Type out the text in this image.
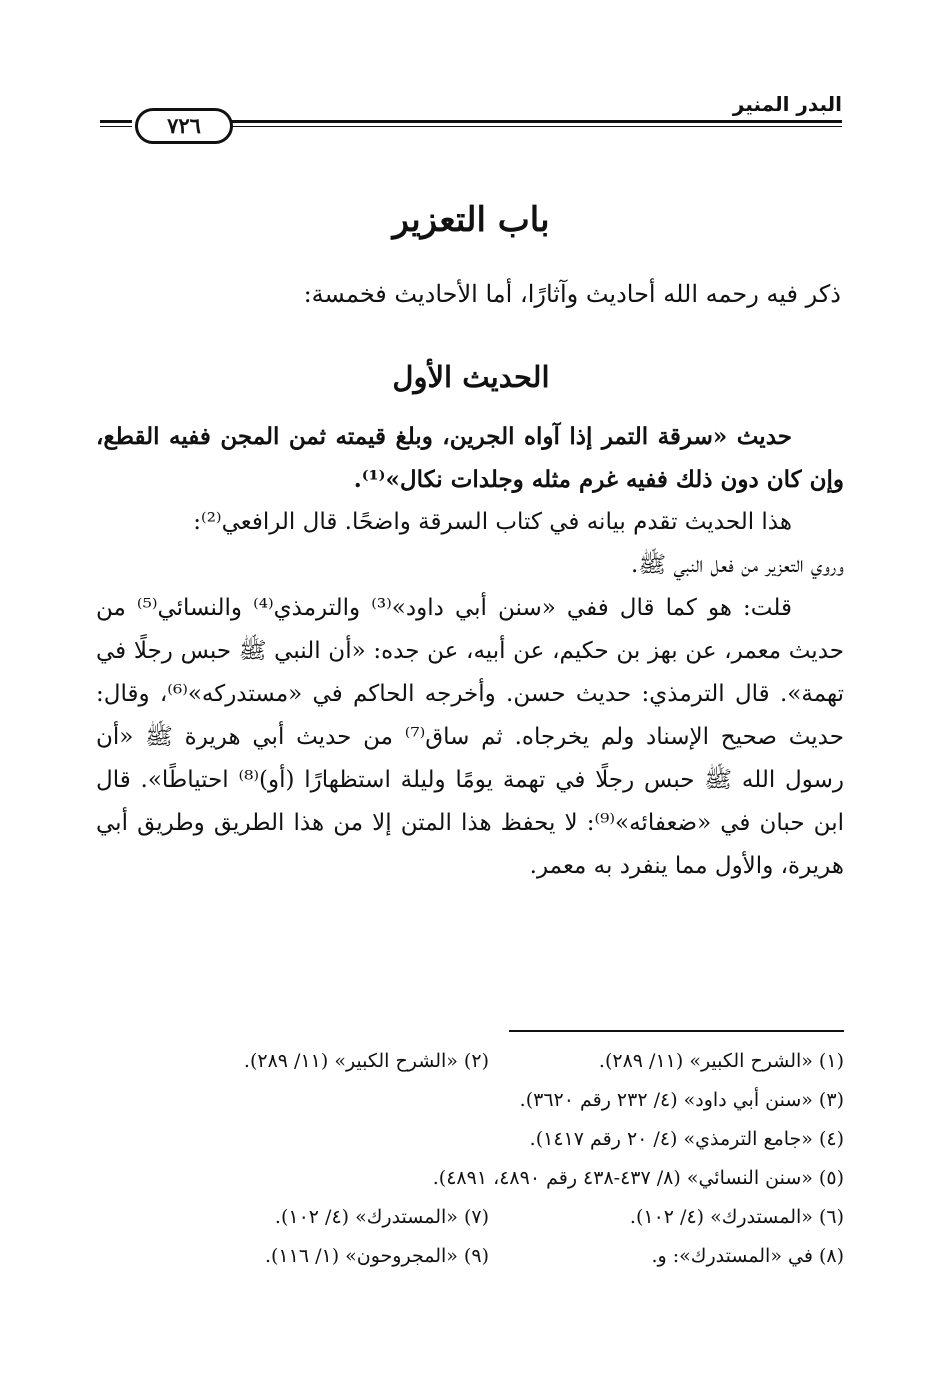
البدر المنير
٧٢٦
باب التعزير
ذكر فيه رحمه الله أحاديث وآثارًا، أما الأحاديث فخمسة:
الحديث الأول

حديث «سرقة التمر إذا آواه الجرين، وبلغ قيمته ثمن المجن ففيه القطع، وإن كان دون ذلك ففيه غرم مثله وجلدات نكال»⁽¹⁾.

هذا الحديث تقدم بيانه في كتاب السرقة واضحًا. قال الرافعي⁽²⁾:

وروي التعزير من فعل النبي ﷺ.

قلت: هو كما قال ففي «سنن أبي داود»⁽³⁾ والترمذي⁽⁴⁾ والنسائي⁽⁵⁾ من حديث معمر، عن بهز بن حكيم، عن أبيه، عن جده: «أن النبي ﷺ حبس رجلًا في تهمة». قال الترمذي: حديث حسن. وأخرجه الحاكم في «مستدركه»⁽⁶⁾، وقال: حديث صحيح الإسناد ولم يخرجاه. ثم ساق⁽⁷⁾ من حديث أبي هريرة ﷺ «أن رسول الله ﷺ حبس رجلًا في تهمة يومًا وليلة استظهارًا (أو)⁽⁸⁾ احتياطًا». قال ابن حبان في «ضعفائه»⁽⁹⁾: لا يحفظ هذا المتن إلا من هذا الطريق وطريق أبي هريرة، والأول مما ينفرد به معمر.

(١) «الشرح الكبير» (١١/ ٢٨٩).
(٢) «الشرح الكبير» (١١/ ٢٨٩).
(٣) «سنن أبي داود» (٤/ ٢٣٢ رقم ٣٦٢٠).
(٤) «جامع الترمذي» (٤/ ٢٠ رقم ١٤١٧).
(٥) «سنن النسائي» (٨/ ٤٣٧-٤٣٨ رقم ٤٨٩٠، ٤٨٩١).
(٦) «المستدرك» (٤/ ١٠٢).
(٧) «المستدرك» (٤/ ١٠٢).
(٨) في «المستدرك»: و.
(٩) «المجروحون» (١/ ١١٦).
